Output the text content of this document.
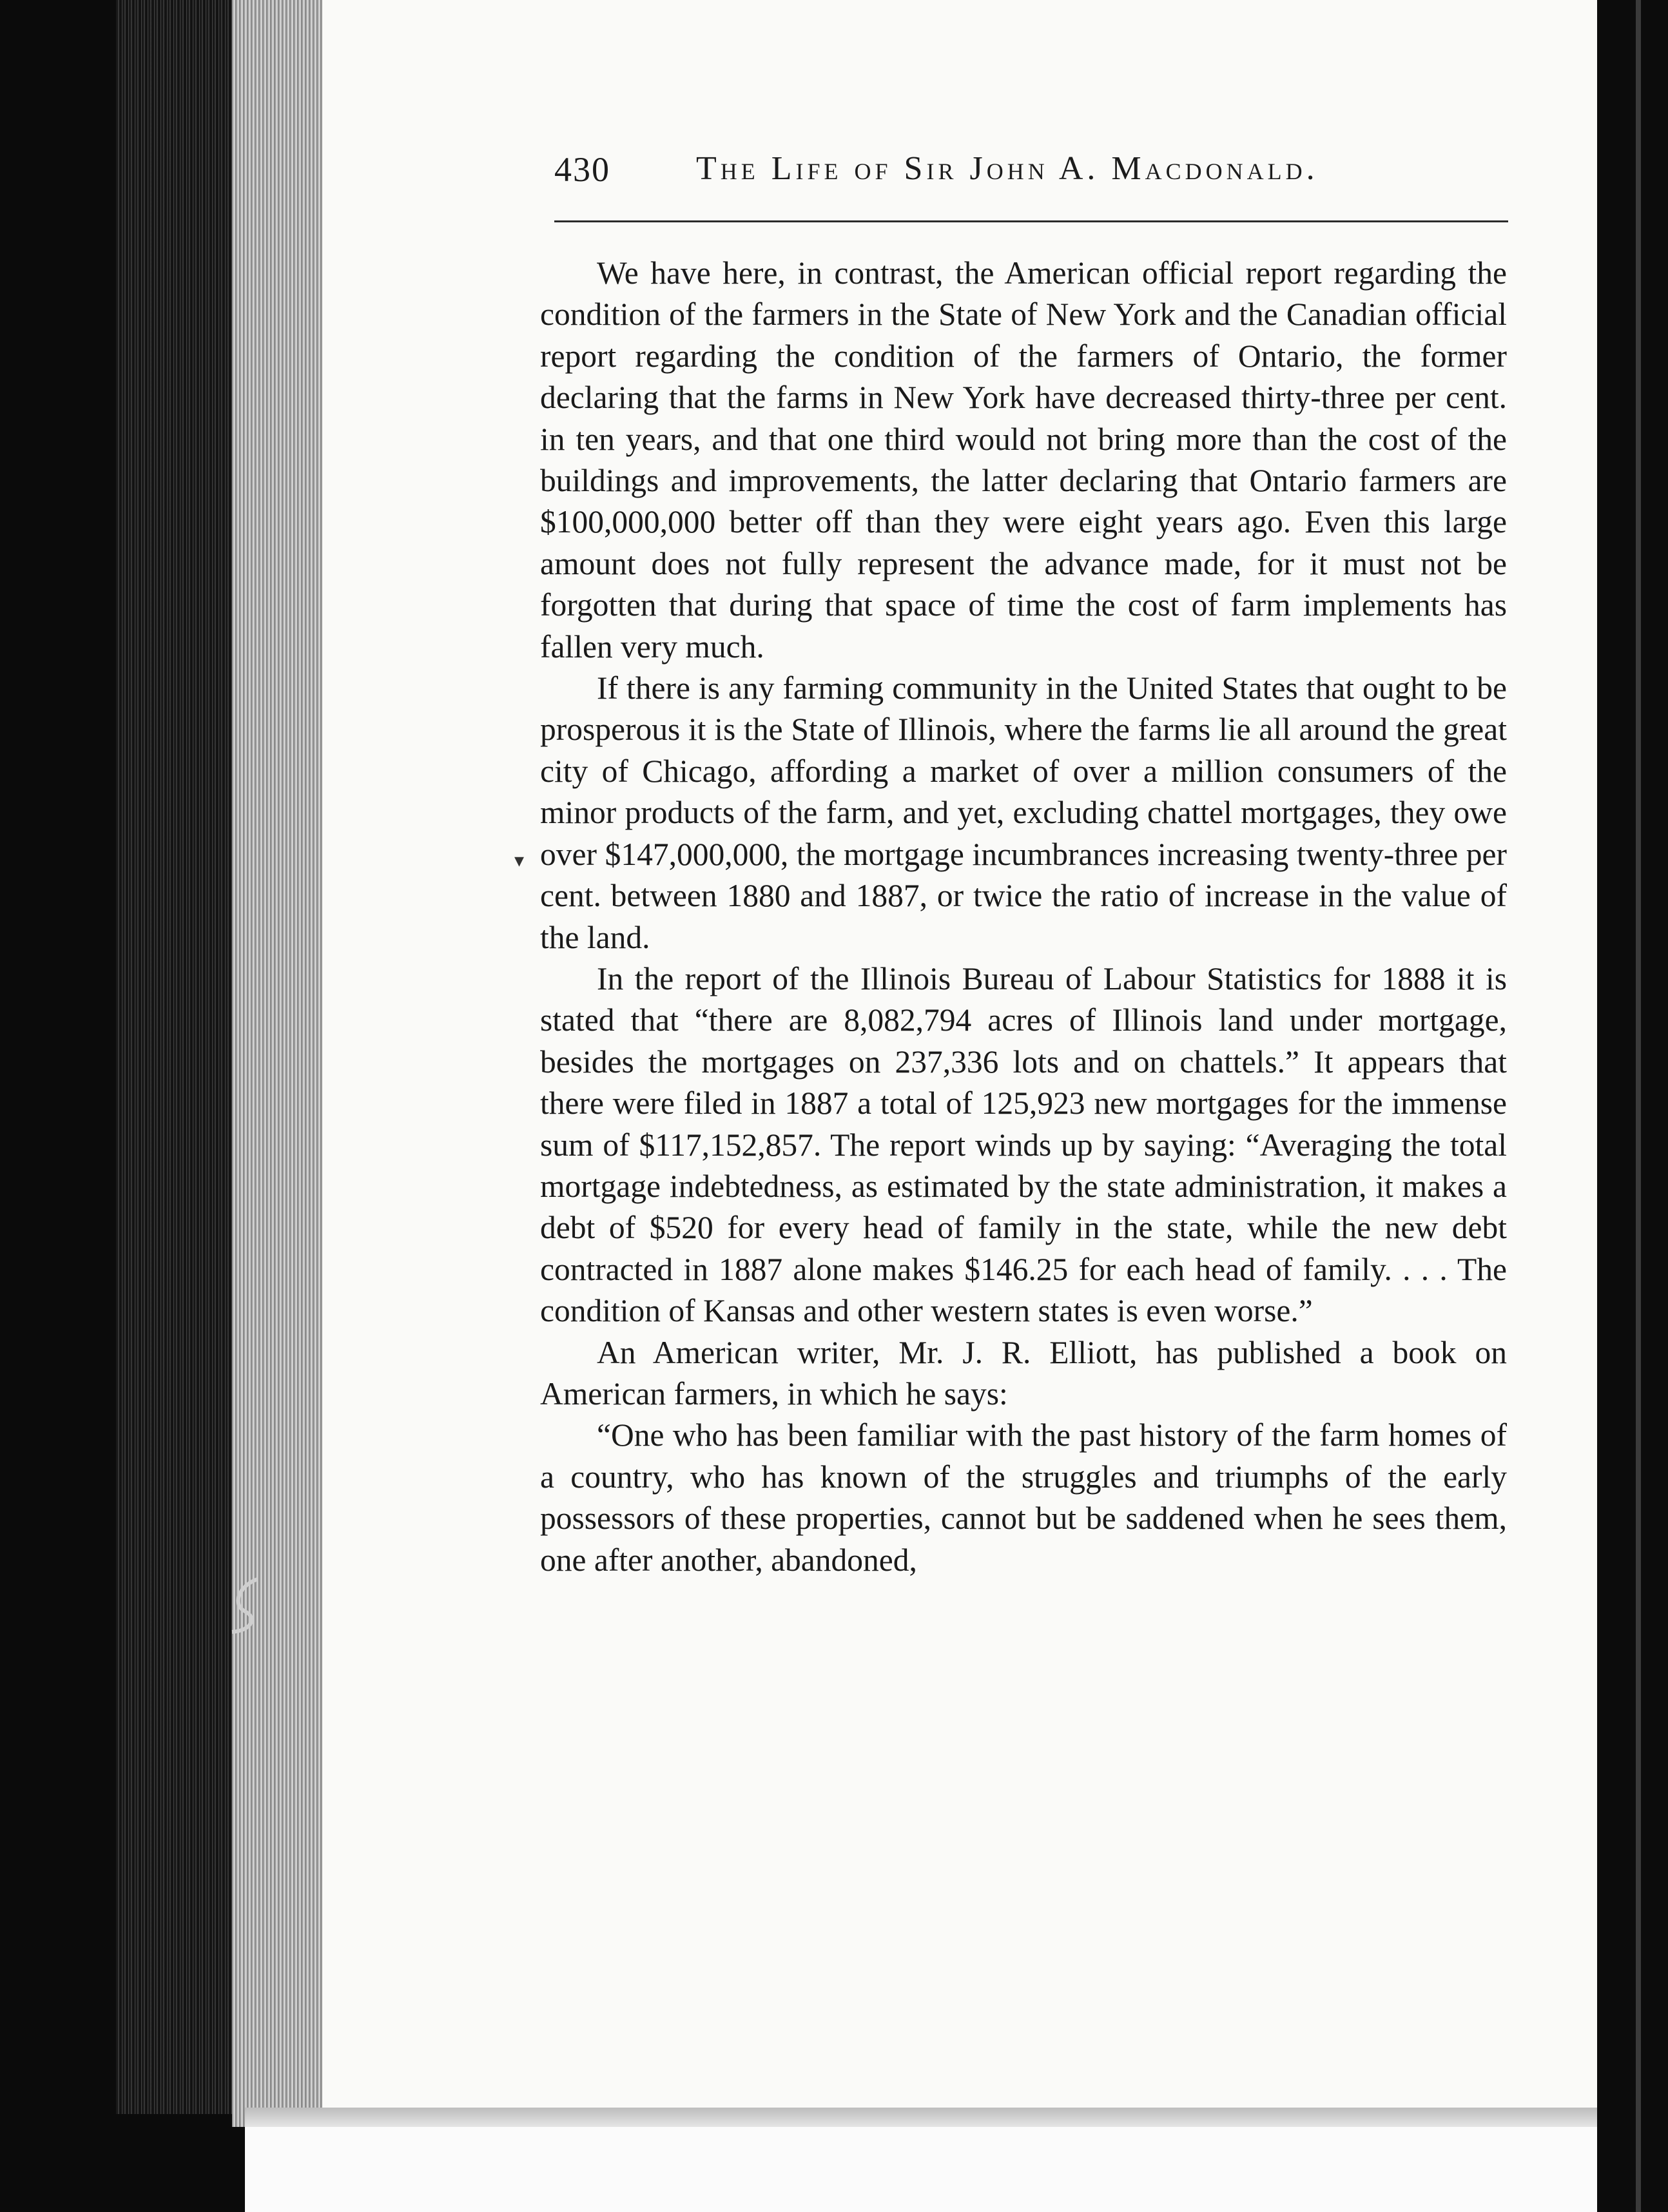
430	The Life of Sir John A. Macdonald.

We have here, in contrast, the American official report regarding the condition of the farmers in the State of New York and the Canadian official report regarding the condition of the farmers of Ontario, the former declaring that the farms in New York have decreased thirty-three per cent. in ten years, and that one third would not bring more than the cost of the buildings and improvements, the latter declaring that Ontario farmers are $100,000,000 better off than they were eight years ago. Even this large amount does not fully represent the advance made, for it must not be forgotten that during that space of time the cost of farm implements has fallen very much.

If there is any farming community in the United States that ought to be prosperous it is the State of Illinois, where the farms lie all around the great city of Chicago, affording a market of over a million consumers of the minor products of the farm, and yet, excluding chattel mortgages, they owe over $147,000,000, the mortgage incumbrances increasing twenty-three per cent. between 1880 and 1887, or twice the ratio of increase in the value of the land.

In the report of the Illinois Bureau of Labour Statistics for 1888 it is stated that “there are 8,082,794 acres of Illinois land under mortgage, besides the mortgages on 237,336 lots and on chattels.” It appears that there were filed in 1887 a total of 125,923 new mortgages for the immense sum of $117,152,857. The report winds up by saying: “Averaging the total mortgage indebtedness, as estimated by the state administration, it makes a debt of $520 for every head of family in the state, while the new debt contracted in 1887 alone makes $146.25 for each head of family. . . . The condition of Kansas and other western states is even worse.”

An American writer, Mr. J. R. Elliott, has published a book on American farmers, in which he says:

“One who has been familiar with the past history of the farm homes of a country, who has known of the struggles and triumphs of the early possessors of these properties, cannot but be saddened when he sees them, one after another, abandoned,

▾
